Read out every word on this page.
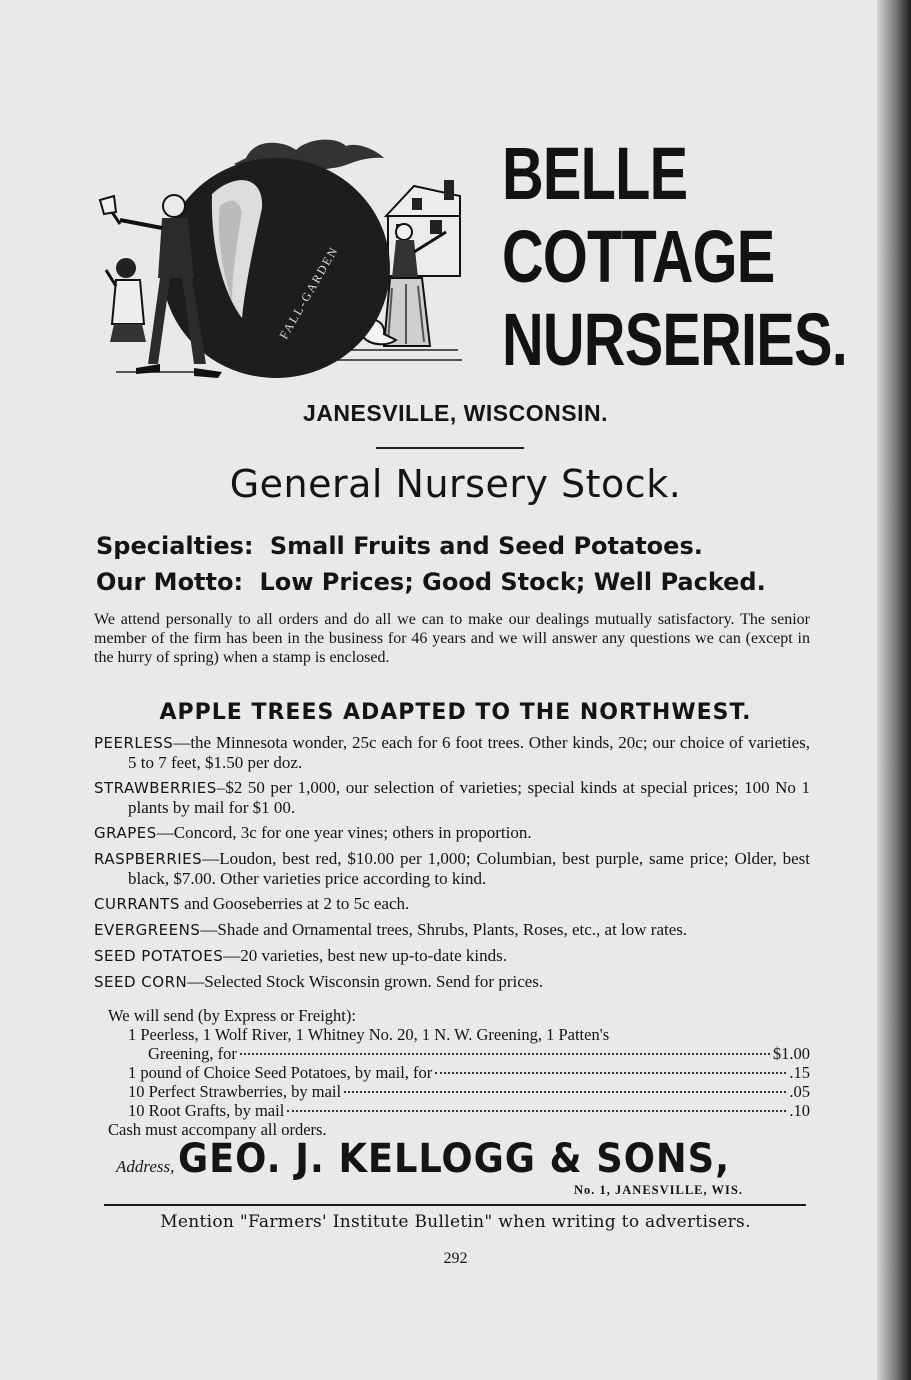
FALL-GARDEN
BELLE
COTTAGE
NURSERIES.
JANESVILLE, WISCONSIN.
General Nursery Stock.
Specialties: Small Fruits and Seed Potatoes.
Our Motto: Low Prices; Good Stock; Well Packed.
We attend personally to all orders and do all we can to make our dealings mutually satisfactory. The senior member of the firm has been in the business for 46 years and we will answer any questions we can (except in the hurry of spring) when a stamp is enclosed.
APPLE TREES ADAPTED TO THE NORTHWEST.
PEERLESS—the Minnesota wonder, 25c each for 6 foot trees. Other kinds, 20c; our choice of varieties, 5 to 7 feet, $1.50 per doz.
STRAWBERRIES–$2 50 per 1,000, our selection of varieties; special kinds at special prices; 100 No 1 plants by mail for $1 00.
GRAPES—Concord, 3c for one year vines; others in proportion.
RASPBERRIES—Loudon, best red, $10.00 per 1,000; Columbian, best purple, same price; Older, best black, $7.00. Other varieties price according to kind.
CURRANTS and Gooseberries at 2 to 5c each.
EVERGREENS—Shade and Ornamental trees, Shrubs, Plants, Roses, etc., at low rates.
SEED POTATOES—20 varieties, best new up-to-date kinds.
SEED CORN—Selected Stock Wisconsin grown. Send for prices.
We will send (by Express or Freight):
1 Peerless, 1 Wolf River, 1 Whitney No. 20, 1 N. W. Greening, 1 Patten's
Greening, for	$1.00
1 pound of Choice Seed Potatoes, by mail, for	.15
10 Perfect Strawberries, by mail	.05
10 Root Grafts, by mail	.10
Cash must accompany all orders.
Address, GEO. J. KELLOGG & SONS,
No. 1, JANESVILLE, WIS.
Mention "Farmers' Institute Bulletin" when writing to advertisers.
292
